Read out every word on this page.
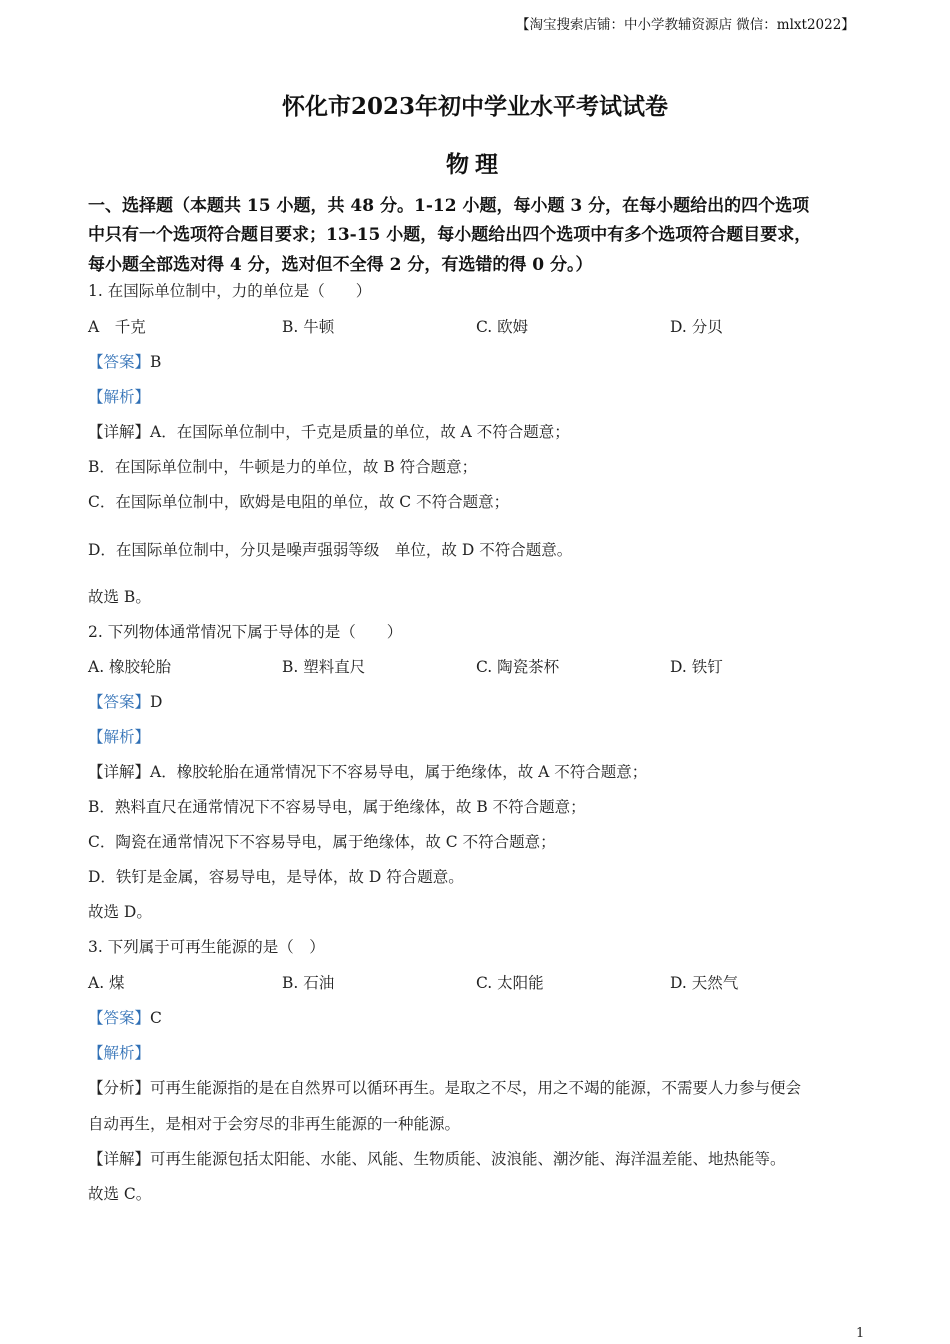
【淘宝搜索店铺：中小学教辅资源店 微信：mlxt2022】
怀化市2023年初中学业水平考试试卷
物理
一、选择题（本题共 15 小题，共 48 分。1-12 小题，每小题 3 分，在每小题给出的四个选项
中只有一个选项符合题目要求；13-15 小题，每小题给出四个选项中有多个选项符合题目要求，
每小题全部选对得 4 分，选对但不全得 2 分，有选错的得 0 分。）
1. 在国际单位制中，力的单位是（　　）
A　千克	B. 牛顿	C. 欧姆	D. 分贝
【答案】B
【解析】
【详解】A．在国际单位制中，千克是质量的单位，故 A 不符合题意；
B．在国际单位制中，牛顿是力的单位，故 B 符合题意；
C．在国际单位制中，欧姆是电阻的单位，故 C 不符合题意；
D．在国际单位制中，分贝是噪声强弱等级　单位，故 D 不符合题意。
故选 B。
2. 下列物体通常情况下属于导体的是（　　）
A. 橡胶轮胎	B. 塑料直尺	C. 陶瓷茶杯	D. 铁钉
【答案】D
【解析】
【详解】A．橡胶轮胎在通常情况下不容易导电，属于绝缘体，故 A 不符合题意；
B．熟料直尺在通常情况下不容易导电，属于绝缘体，故 B 不符合题意；
C．陶瓷在通常情况下不容易导电，属于绝缘体，故 C 不符合题意；
D．铁钉是金属，容易导电，是导体，故 D 符合题意。
故选 D。
3. 下列属于可再生能源的是（　）
A. 煤	B. 石油	C. 太阳能	D. 天然气
【答案】C
【解析】
【分析】可再生能源指的是在自然界可以循环再生。是取之不尽，用之不竭的能源，不需要人力参与便会
自动再生，是相对于会穷尽的非再生能源的一种能源。
【详解】可再生能源包括太阳能、水能、风能、生物质能、波浪能、潮汐能、海洋温差能、地热能等。
故选 C。
1
